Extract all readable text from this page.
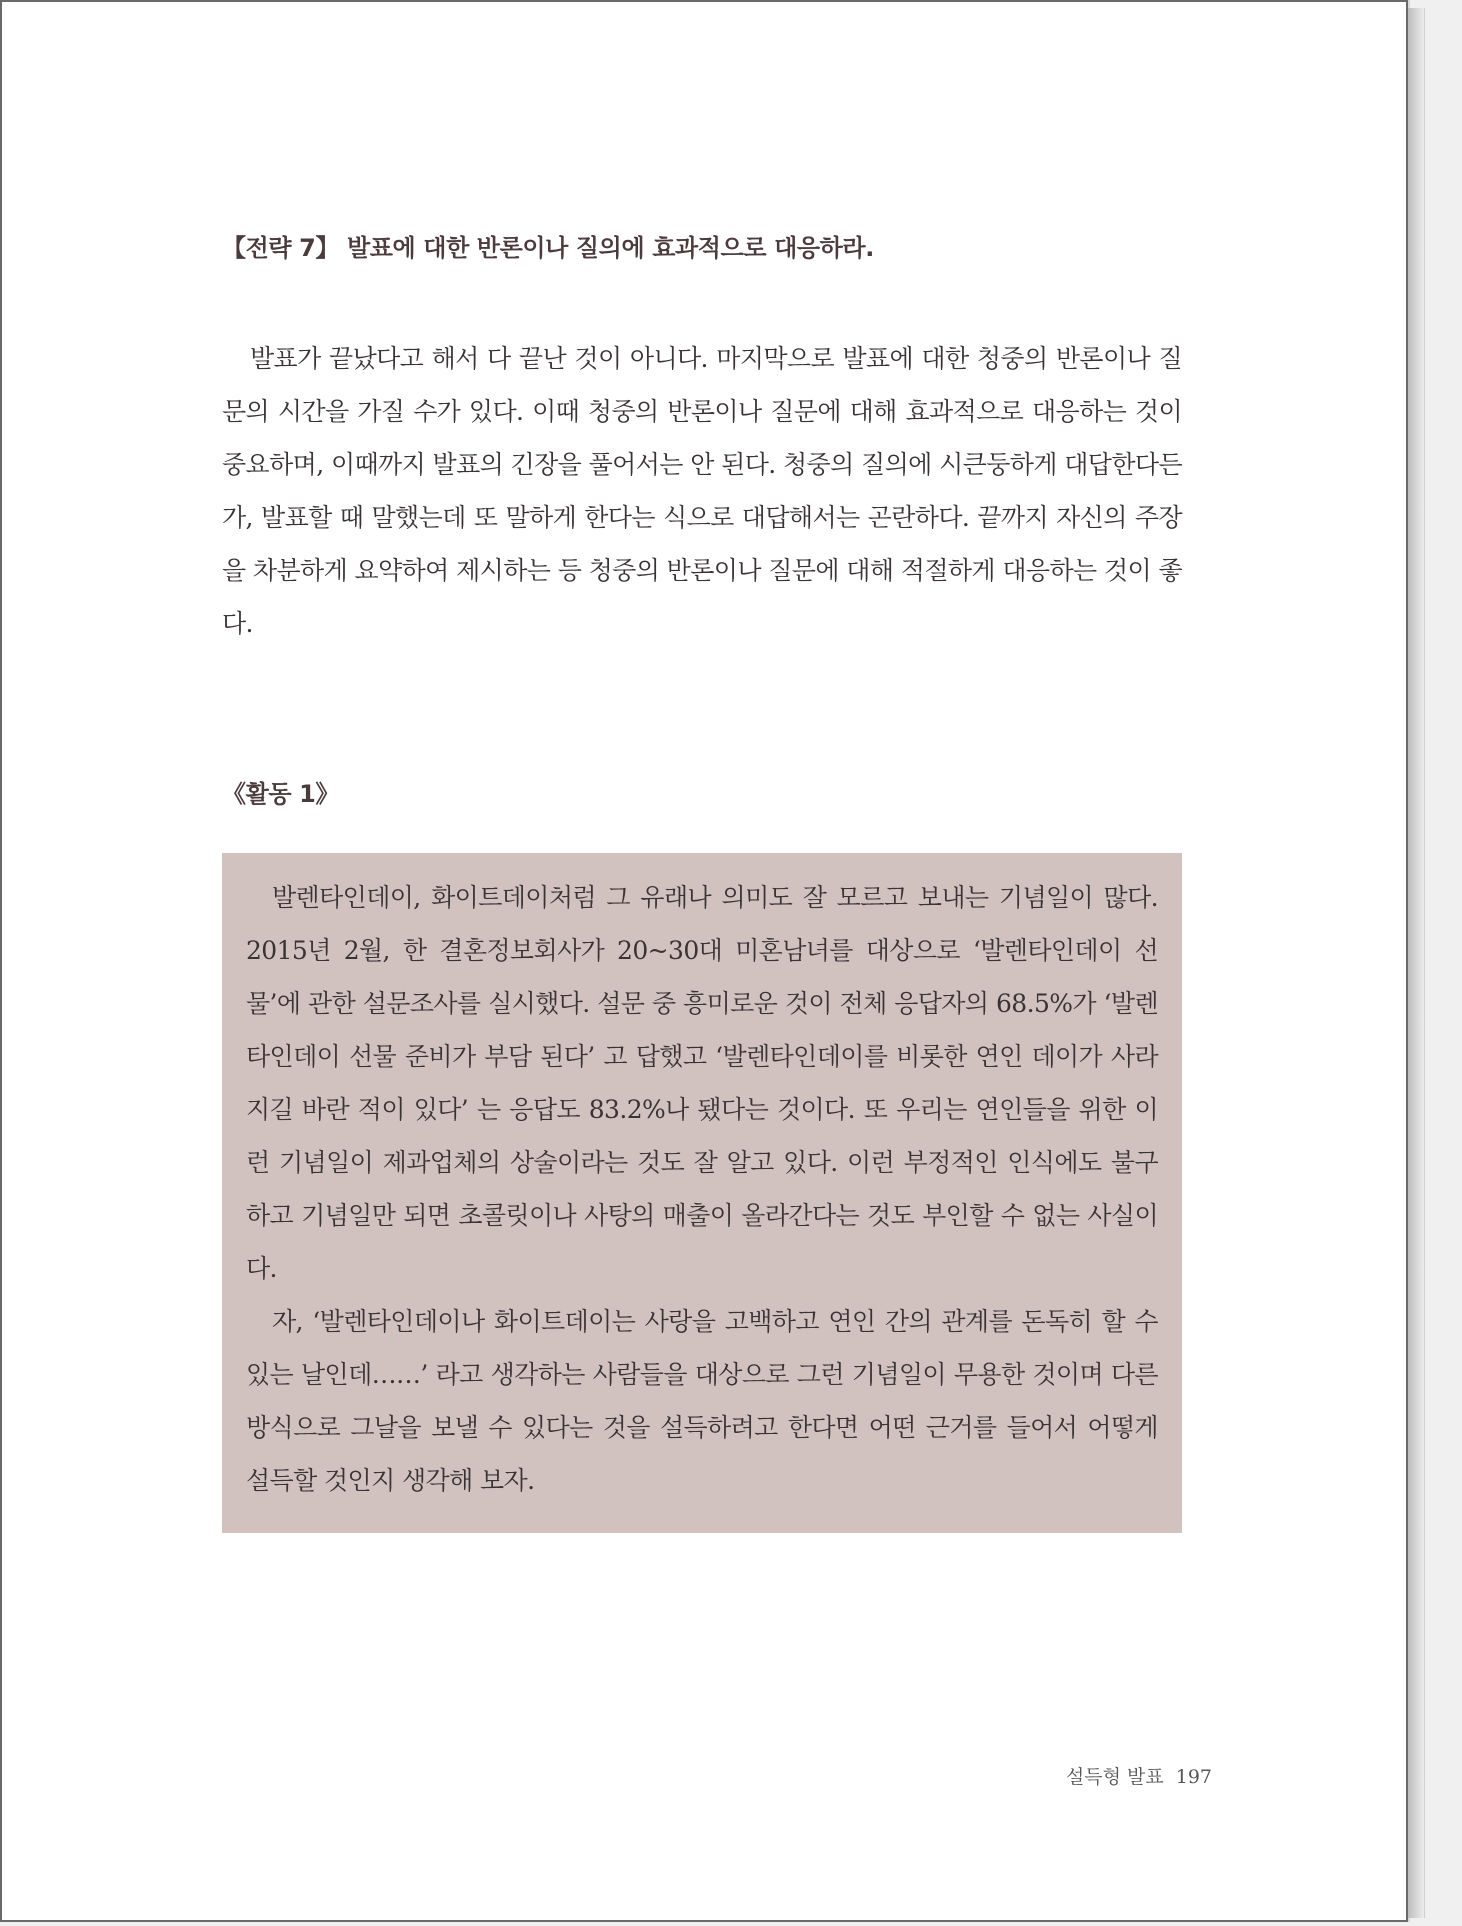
【전략 7】 발표에 대한 반론이나 질의에 효과적으로 대응하라.

발표가 끝났다고 해서 다 끝난 것이 아니다. 마지막으로 발표에 대한 청중의 반론이나 질문의 시간을 가질 수가 있다. 이때 청중의 반론이나 질문에 대해 효과적으로 대응하는 것이 중요하며, 이때까지 발표의 긴장을 풀어서는 안 된다. 청중의 질의에 시큰둥하게 대답한다든가, 발표할 때 말했는데 또 말하게 한다는 식으로 대답해서는 곤란하다. 끝까지 자신의 주장을 차분하게 요약하여 제시하는 등 청중의 반론이나 질문에 대해 적절하게 대응하는 것이 좋다.

《활동 1》

발렌타인데이, 화이트데이처럼 그 유래나 의미도 잘 모르고 보내는 기념일이 많다. 2015년 2월, 한 결혼정보회사가 20~30대 미혼남녀를 대상으로 ‘발렌타인데이 선물’에 관한 설문조사를 실시했다. 설문 중 흥미로운 것이 전체 응답자의 68.5%가 ‘발렌타인데이 선물 준비가 부담 된다’ 고 답했고 ‘발렌타인데이를 비롯한 연인 데이가 사라지길 바란 적이 있다’ 는 응답도 83.2%나 됐다는 것이다. 또 우리는 연인들을 위한 이런 기념일이 제과업체의 상술이라는 것도 잘 알고 있다. 이런 부정적인 인식에도 불구하고 기념일만 되면 초콜릿이나 사탕의 매출이 올라간다는 것도 부인할 수 없는 사실이다.

자, ‘발렌타인데이나 화이트데이는 사랑을 고백하고 연인 간의 관계를 돈독히 할 수 있는 날인데……’ 라고 생각하는 사람들을 대상으로 그런 기념일이 무용한 것이며 다른 방식으로 그날을 보낼 수 있다는 것을 설득하려고 한다면 어떤 근거를 들어서 어떻게 설득할 것인지 생각해 보자.

설득형 발표 197
